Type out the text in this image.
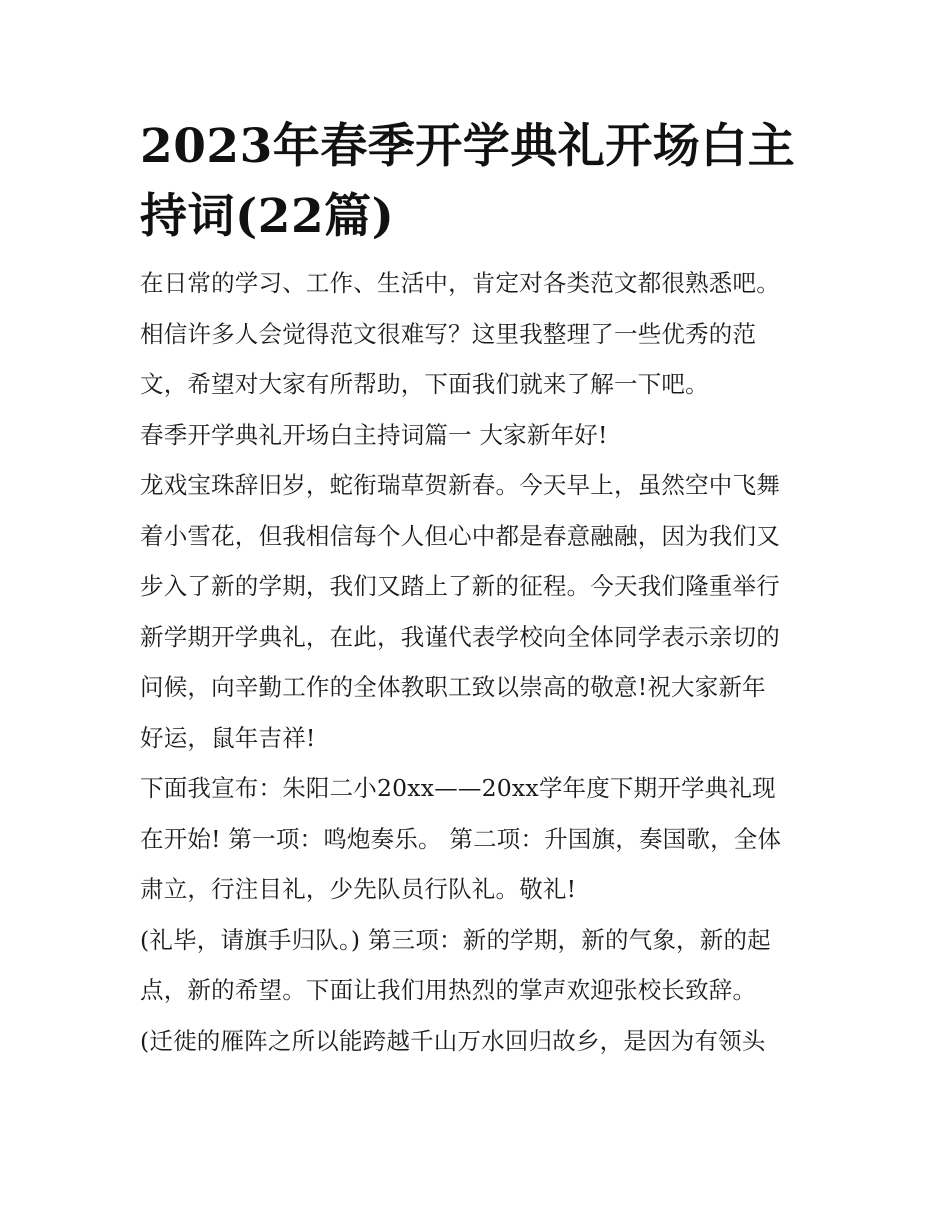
2023年春季开学典礼开场白主
持词(22篇)

在日常的学习、工作、生活中，肯定对各类范文都很熟悉吧。
相信许多人会觉得范文很难写？这里我整理了一些优秀的范
文，希望对大家有所帮助，下面我们就来了解一下吧。

春季开学典礼开场白主持词篇一 大家新年好!

龙戏宝珠辞旧岁，蛇衔瑞草贺新春。今天早上，虽然空中飞舞
着小雪花，但我相信每个人但心中都是春意融融，因为我们又
步入了新的学期，我们又踏上了新的征程。今天我们隆重举行
新学期开学典礼，在此，我谨代表学校向全体同学表示亲切的
问候，向辛勤工作的全体教职工致以崇高的敬意!祝大家新年
好运，鼠年吉祥!

下面我宣布：朱阳二小20xx——20xx学年度下期开学典礼现
在开始! 第一项：鸣炮奏乐。 第二项：升国旗，奏国歌，全体
肃立，行注目礼，少先队员行队礼。敬礼!

(礼毕，请旗手归队。) 第三项：新的学期，新的气象，新的起
点，新的希望。下面让我们用热烈的掌声欢迎张校长致辞。

(迁徙的雁阵之所以能跨越千山万水回归故乡，是因为有领头
